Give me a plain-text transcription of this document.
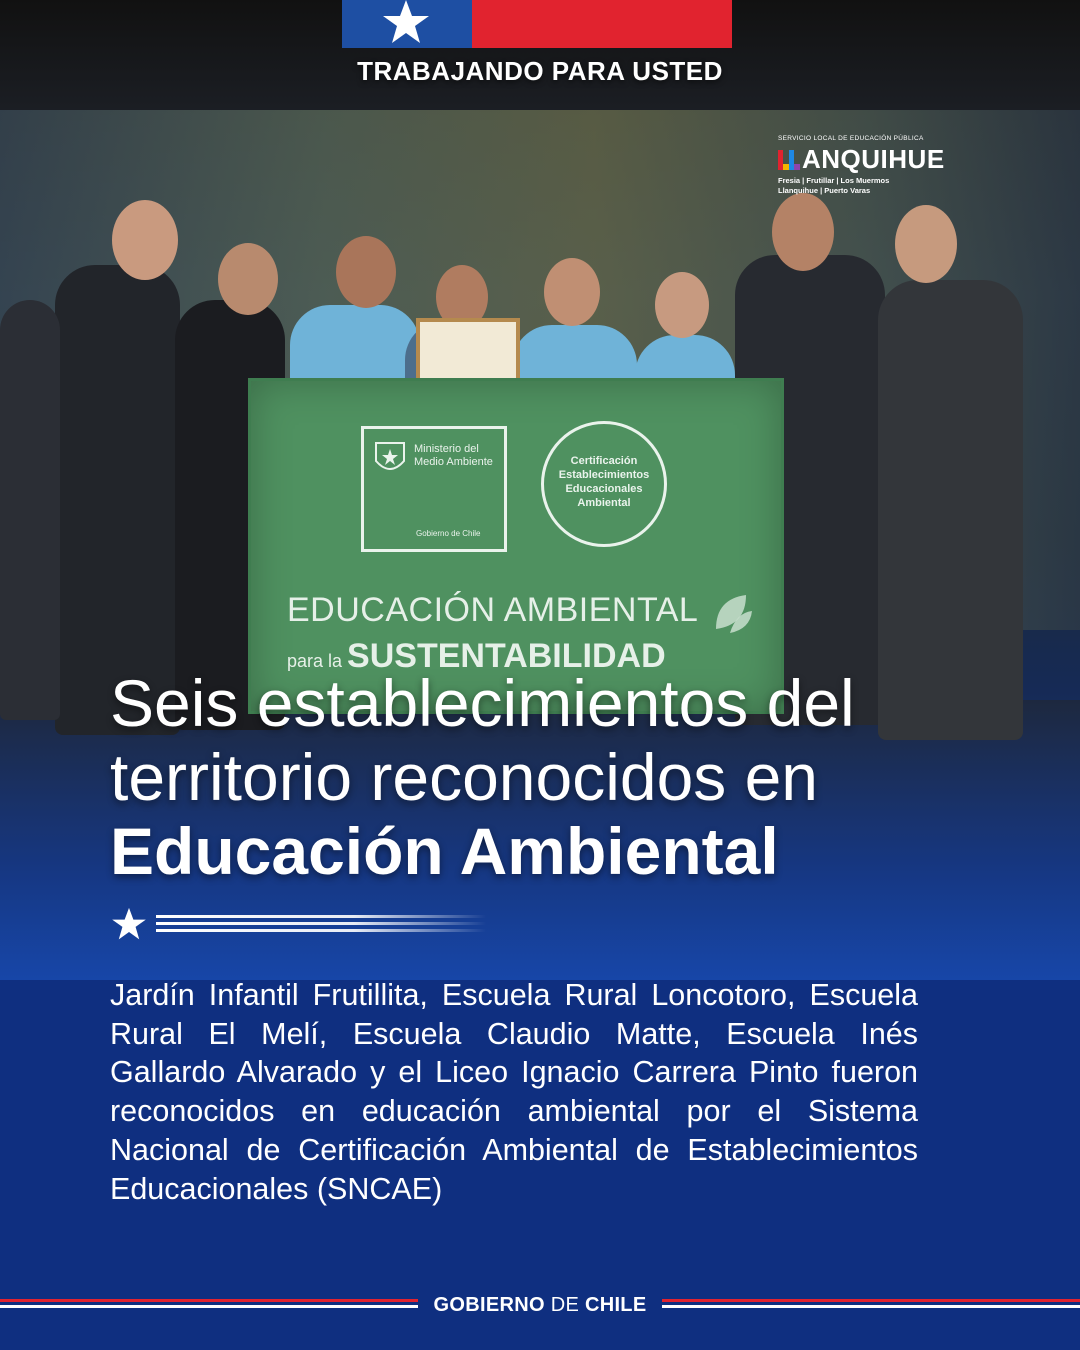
Ministerio del Medio Ambiente
Gobierno de Chile
Certificación Establecimientos Educacionales Ambiental
EDUCACIÓN AMBIENTAL
para la SUSTENTABILIDAD
TRABAJANDO PARA USTED
SERVICIO LOCAL DE EDUCACIÓN PÚBLICA
ANQUIHUE
Fresia | Frutillar | Los Muermos
Llanquihue | Puerto Varas
Seis establecimientos del
territorio reconocidos en
Educación Ambiental
Jardín Infantil Frutillita, Escuela Rural Loncotoro, Escuela Rural El Melí, Escuela Claudio Matte, Escuela Inés Gallardo Alvarado y el Liceo Ignacio Carrera Pinto fueron reconocidos en educación ambiental por el Sistema Nacional de Certificación Ambiental de Establecimientos Educacionales (SNCAE)
GOBIERNO DE CHILE
